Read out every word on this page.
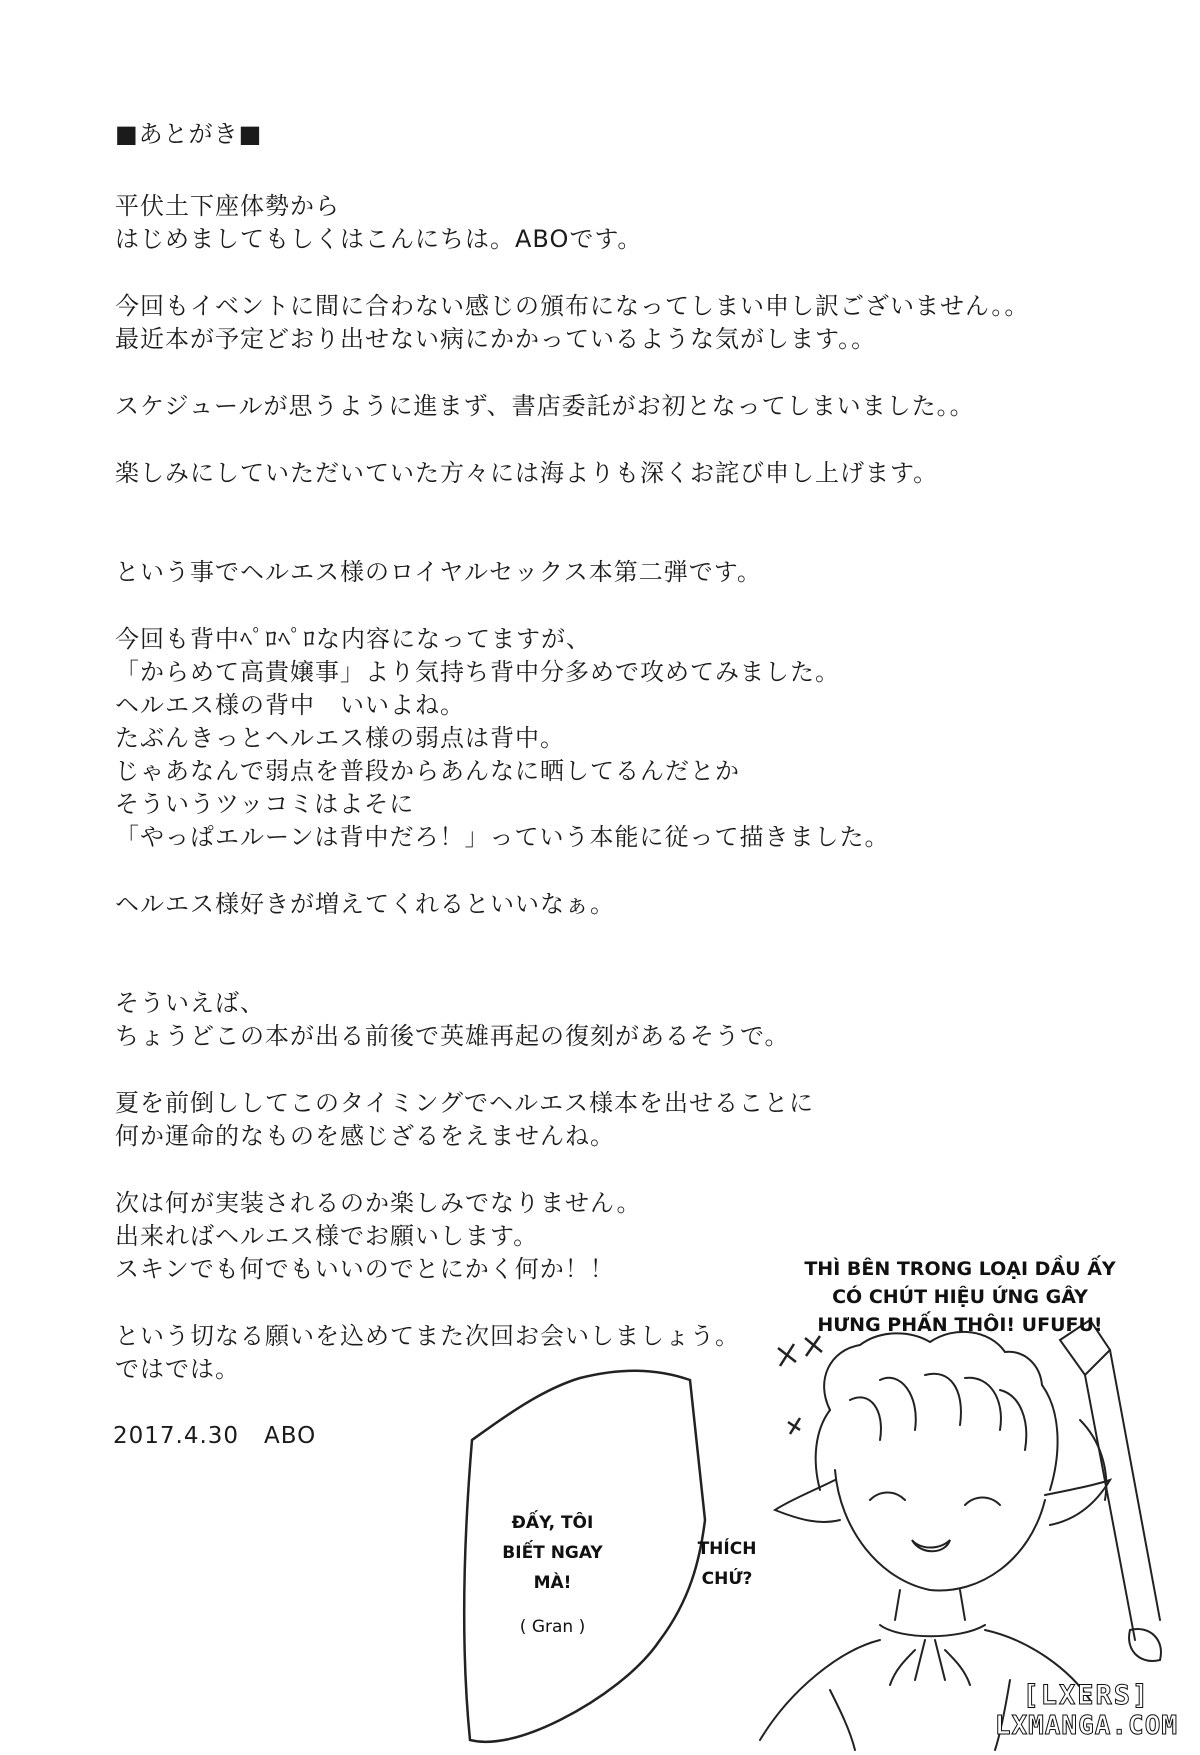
■あとがき■
平伏土下座体勢から
はじめましてもしくはこんにちは。ABOです。
今回もイベントに間に合わない感じの頒布になってしまい申し訳ございません。。
最近本が予定どおり出せない病にかかっているような気がします。。
スケジュールが思うように進まず、書店委託がお初となってしまいました。。
楽しみにしていただいていた方々には海よりも深くお詫び申し上げます。
という事でヘルエス様のロイヤルセックス本第二弾です。
今回も背中ﾍﾟﾛﾍﾟﾛな内容になってますが、
「からめて高貴嬢事」より気持ち背中分多めで攻めてみました。
ヘルエス様の背中　いいよね。
たぶんきっとヘルエス様の弱点は背中。
じゃあなんで弱点を普段からあんなに晒してるんだとか
そういうツッコミはよそに
「やっぱエルーンは背中だろ！」っていう本能に従って描きました。
ヘルエス様好きが増えてくれるといいなぁ。
そういえば、
ちょうどこの本が出る前後で英雄再起の復刻があるそうで。
夏を前倒ししてこのタイミングでヘルエス様本を出せることに
何か運命的なものを感じざるをえませんね。
次は何が実装されるのか楽しみでなりません。
出来ればヘルエス様でお願いします。
スキンでも何でもいいのでとにかく何か！！
という切なる願いを込めてまた次回お会いしましょう。
ではでは。
2017.4.30 ABO
THÌ BÊN TRONG LOẠI DẦU ẤY
CÓ CHÚT HIỆU ỨNG GÂY
HƯNG PHẤN THÔI! UFUFU!
ĐẤY, TÔI
BIẾT NGAY
MÀ!
( Gran )
THÍCH
CHỨ?
[LXERS]
LXMANGA.COM
